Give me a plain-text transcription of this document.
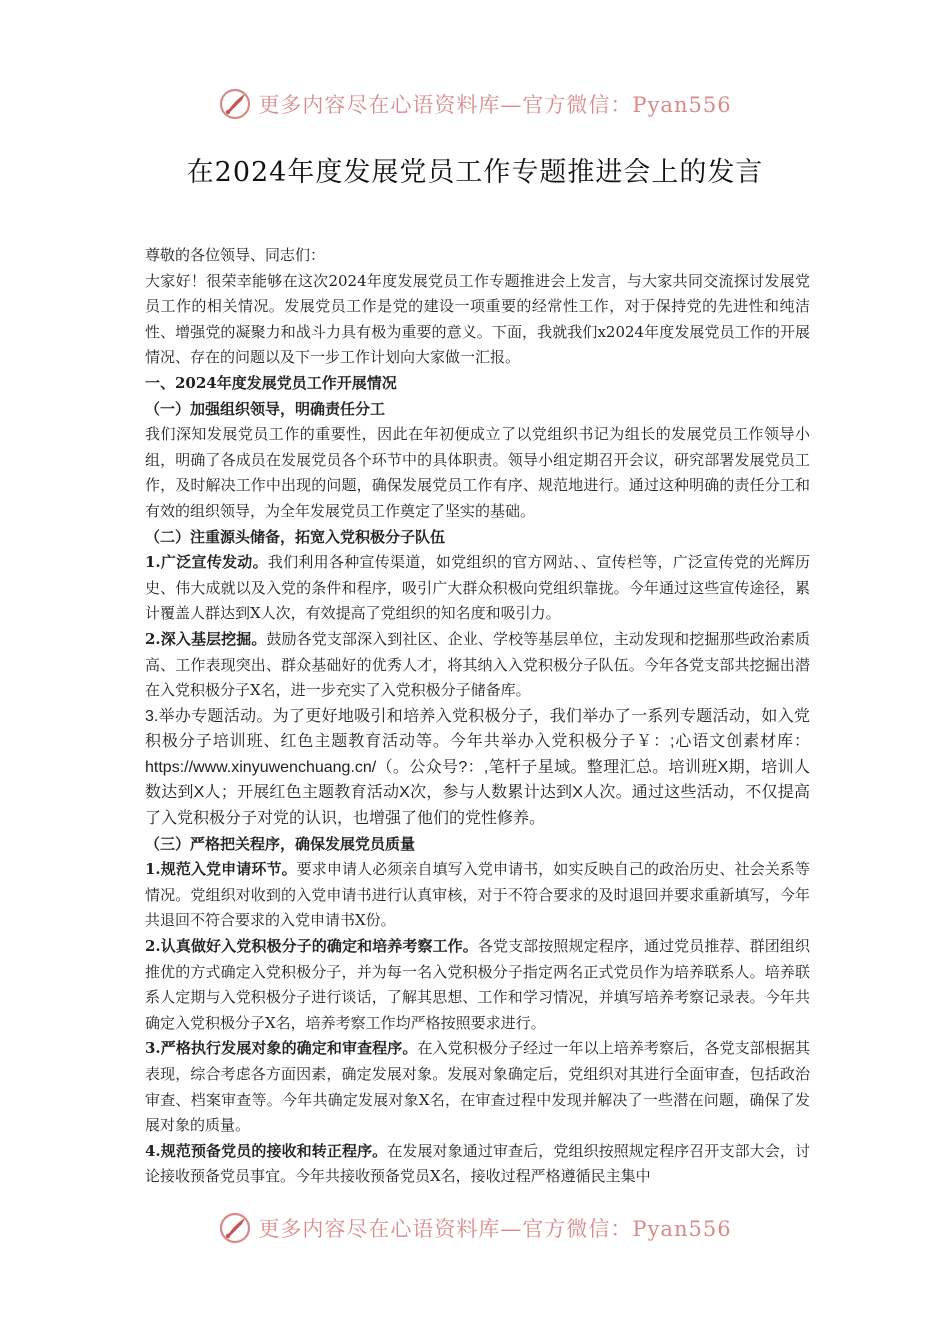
更多内容尽在心语资料库—官方微信：Pyan556
在2024年度发展党员工作专题推进会上的发言

尊敬的各位领导、同志们：

大家好！很荣幸能够在这次2024年度发展党员工作专题推进会上发言，与大家共同交流探讨发展党员工作的相关情况。发展党员工作是党的建设一项重要的经常性工作，对于保持党的先进性和纯洁性、增强党的凝聚力和战斗力具有极为重要的意义。下面，我就我们x2024年度发展党员工作的开展情况、存在的问题以及下一步工作计划向大家做一汇报。

一、2024年度发展党员工作开展情况

（一）加强组织领导，明确责任分工

我们深知发展党员工作的重要性，因此在年初便成立了以党组织书记为组长的发展党员工作领导小组，明确了各成员在发展党员各个环节中的具体职责。领导小组定期召开会议，研究部署发展党员工作，及时解决工作中出现的问题，确保发展党员工作有序、规范地进行。通过这种明确的责任分工和有效的组织领导，为全年发展党员工作奠定了坚实的基础。

（二）注重源头储备，拓宽入党积极分子队伍

1.广泛宣传发动。我们利用各种宣传渠道，如党组织的官方网站、、宣传栏等，广泛宣传党的光辉历史、伟大成就以及入党的条件和程序，吸引广大群众积极向党组织靠拢。今年通过这些宣传途径，累计覆盖人群达到X人次，有效提高了党组织的知名度和吸引力。

2.深入基层挖掘。鼓励各党支部深入到社区、企业、学校等基层单位，主动发现和挖掘那些政治素质高、工作表现突出、群众基础好的优秀人才，将其纳入入党积极分子队伍。今年各党支部共挖掘出潜在入党积极分子X名，进一步充实了入党积极分子储备库。

3.举办专题活动。为了更好地吸引和培养入党积极分子，我们举办了一系列专题活动，如入党积极分子培训班、红色主题教育活动等。今年共举办入党积极分子￥：;心语文创素材库：https://www.xinyuwenchuang.cn/（。公众号?：,笔杆子星域。整理汇总。培训班X期，培训人数达到X人；开展红色主题教育活动X次，参与人数累计达到X人次。通过这些活动，不仅提高了入党积极分子对党的认识，也增强了他们的党性修养。

（三）严格把关程序，确保发展党员质量

1.规范入党申请环节。要求申请人必须亲自填写入党申请书，如实反映自己的政治历史、社会关系等情况。党组织对收到的入党申请书进行认真审核，对于不符合要求的及时退回并要求重新填写，今年共退回不符合要求的入党申请书X份。

2.认真做好入党积极分子的确定和培养考察工作。各党支部按照规定程序，通过党员推荐、群团组织推优的方式确定入党积极分子，并为每一名入党积极分子指定两名正式党员作为培养联系人。培养联系人定期与入党积极分子进行谈话，了解其思想、工作和学习情况，并填写培养考察记录表。今年共确定入党积极分子X名，培养考察工作均严格按照要求进行。

3.严格执行发展对象的确定和审查程序。在入党积极分子经过一年以上培养考察后，各党支部根据其表现，综合考虑各方面因素，确定发展对象。发展对象确定后，党组织对其进行全面审查，包括政治审查、档案审查等。今年共确定发展对象X名，在审查过程中发现并解决了一些潜在问题，确保了发展对象的质量。

4.规范预备党员的接收和转正程序。在发展对象通过审查后，党组织按照规定程序召开支部大会，讨论接收预备党员事宜。今年共接收预备党员X名，接收过程严格遵循民主集中

更多内容尽在心语资料库—官方微信：Pyan556
